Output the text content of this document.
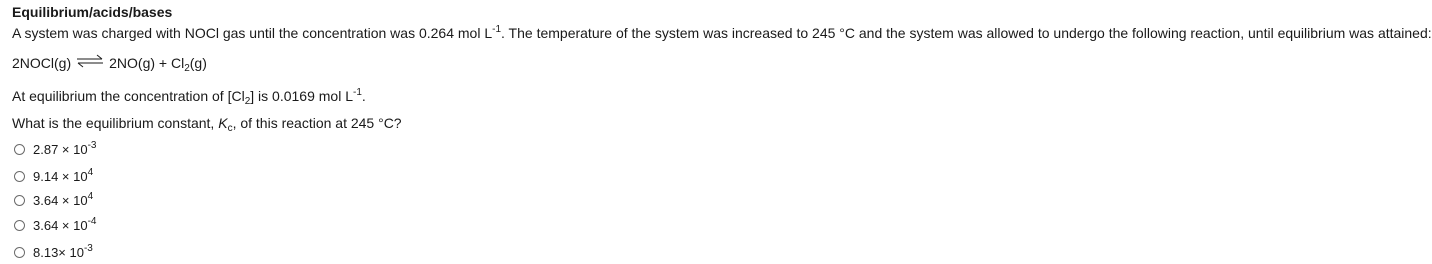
Equilibrium/acids/bases
A system was charged with NOCl gas until the concentration was 0.264 mol $L^{-1}$. The temperature of the system was increased to 245 °C and the system was allowed to undergo the following reaction, until equilibrium was attained:
2NOCl(g) ⇌ $2NO(g) + Cl_2(g)$
At equilibrium the concentration of $[Cl_2]$ is 0.0169 mol $L^{-1}$.
What is the equilibrium constant, $K_c$, of this reaction at 245 °C?
$2.87 \times 10^{-3}$
$9.14 \times 10^4$
$3.64 \times 10^4$
$3.64 \times 10^{-4}$
$8.13\times 10^{-3}$
